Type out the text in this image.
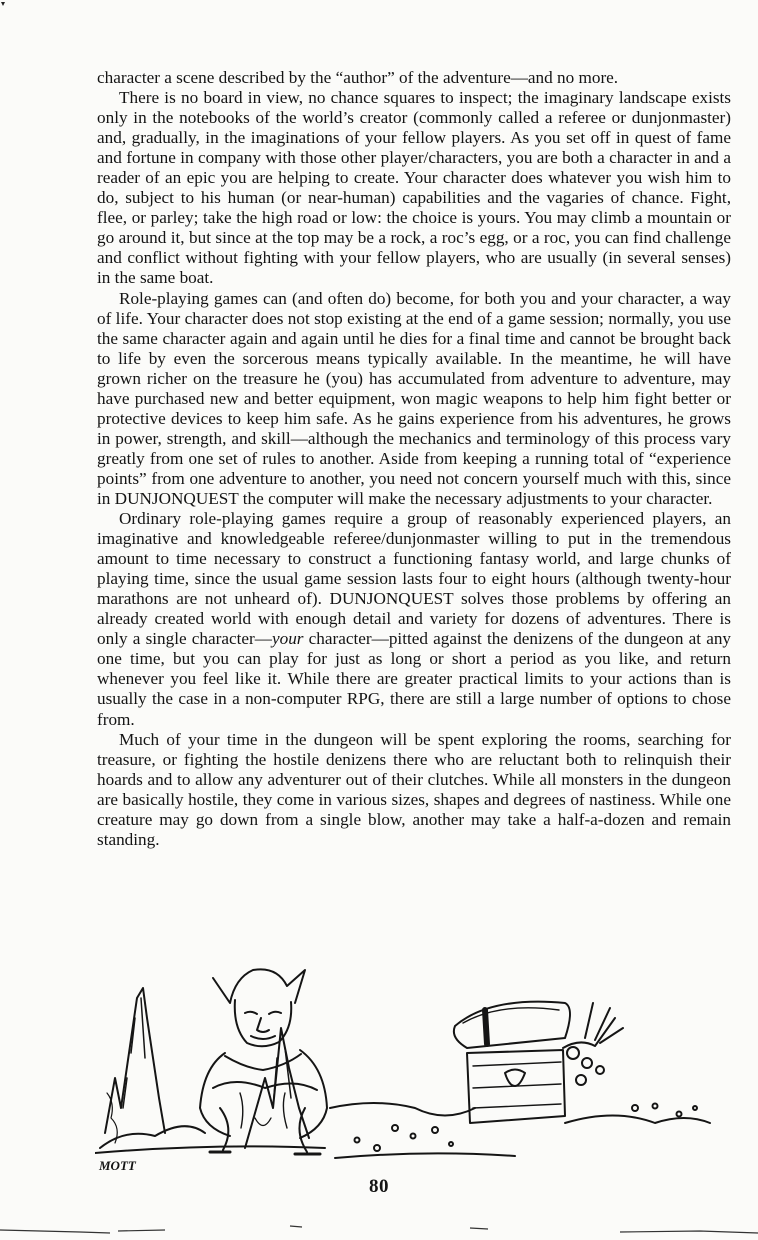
character a scene described by the “author” of the adventure—and no more.

There is no board in view, no chance squares to inspect; the imaginary landscape exists only in the notebooks of the world’s creator (commonly called a referee or dunjonmaster) and, gradually, in the imaginations of your fellow players. As you set off in quest of fame and fortune in company with those other player/characters, you are both a character in and a reader of an epic you are helping to create. Your character does whatever you wish him to do, subject to his human (or near-human) capabilities and the vagaries of chance. Fight, flee, or parley; take the high road or low: the choice is yours. You may climb a mountain or go around it, but since at the top may be a rock, a roc’s egg, or a roc, you can find challenge and conflict without fighting with your fellow players, who are usually (in several senses) in the same boat.

Role-playing games can (and often do) become, for both you and your character, a way of life. Your character does not stop existing at the end of a game session; normally, you use the same character again and again until he dies for a final time and cannot be brought back to life by even the sorcerous means typically available. In the meantime, he will have grown richer on the treasure he (you) has accumulated from adventure to adventure, may have purchased new and better equipment, won magic weapons to help him fight better or protective devices to keep him safe. As he gains experience from his adventures, he grows in power, strength, and skill—although the mechanics and terminology of this process vary greatly from one set of rules to another. Aside from keeping a running total of “experience points” from one adventure to another, you need not concern yourself much with this, since in DUNJONQUEST the computer will make the necessary adjustments to your character.

Ordinary role-playing games require a group of reasonably experienced players, an imaginative and knowledgeable referee/dunjonmaster willing to put in the tremendous amount to time necessary to construct a functioning fantasy world, and large chunks of playing time, since the usual game session lasts four to eight hours (although twenty-hour marathons are not unheard of). DUNJONQUEST solves those problems by offering an already created world with enough detail and variety for dozens of adventures. There is only a single character—your character—pitted against the denizens of the dungeon at any one time, but you can play for just as long or short a period as you like, and return whenever you feel like it. While there are greater practical limits to your actions than is usually the case in a non-computer RPG, there are still a large number of options to chose from.

Much of your time in the dungeon will be spent exploring the rooms, searching for treasure, or fighting the hostile denizens there who are reluctant both to relinquish their hoards and to allow any adventurer out of their clutches. While all monsters in the dungeon are basically hostile, they come in various sizes, shapes and degrees of nastiness. While one creature may go down from a single blow, another may take a half-a-dozen and remain standing.

MOTT
80
